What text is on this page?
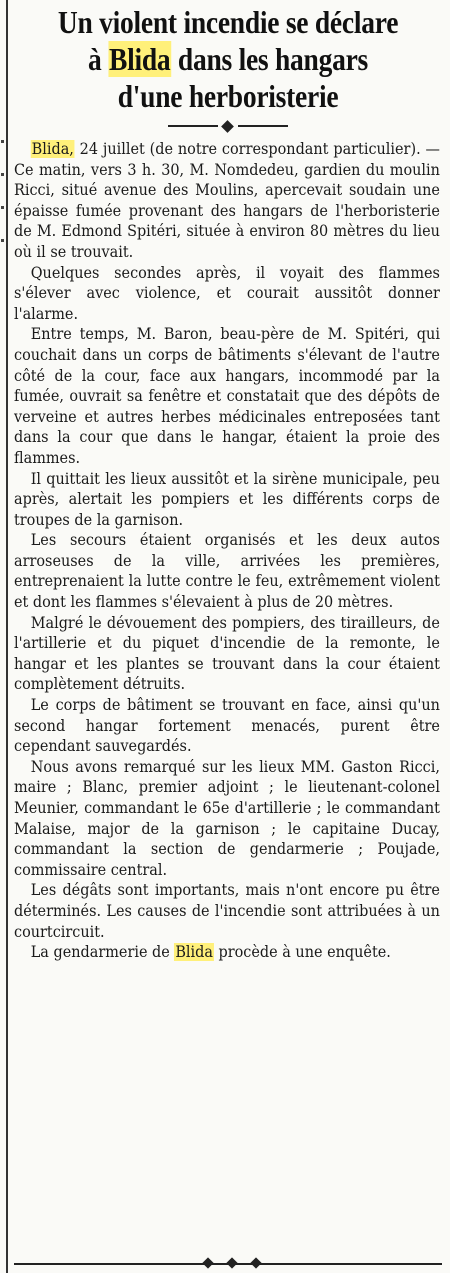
Un violent incendie se déclare
à Blida dans les hangars
d'une herboristerie

Blida, 24 juillet (de notre correspondant particulier). — Ce matin, vers 3 h. 30, M. Nomdedeu, gardien du moulin Ricci, situé avenue des Moulins, apercevait soudain une épaisse fumée provenant des hangars de l'herboristerie de M. Edmond Spitéri, située à environ 80 mètres du lieu où il se trouvait.

Quelques secondes après, il voyait des flammes s'élever avec violence, et courait aussitôt donner l'alarme.

Entre temps, M. Baron, beau-père de M. Spitéri, qui couchait dans un corps de bâtiments s'élevant de l'autre côté de la cour, face aux hangars, incommodé par la fumée, ouvrait sa fenêtre et constatait que des dépôts de verveine et autres herbes médicinales entreposées tant dans la cour que dans le hangar, étaient la proie des flammes.

Il quittait les lieux aussitôt et la sirène municipale, peu après, alertait les pompiers et les différents corps de troupes de la garnison.

Les secours étaient organisés et les deux autos arroseuses de la ville, arrivées les premières, entreprenaient la lutte contre le feu, extrêmement violent et dont les flammes s'élevaient à plus de 20 mètres.

Malgré le dévouement des pompiers, des tirailleurs, de l'artillerie et du piquet d'incendie de la remonte, le hangar et les plantes se trouvant dans la cour étaient complètement détruits.

Le corps de bâtiment se trouvant en face, ainsi qu'un second hangar fortement menacés, purent être cependant sauvegardés.

Nous avons remarqué sur les lieux MM. Gaston Ricci, maire ; Blanc, premier adjoint ; le lieutenant-colonel Meunier, commandant le 65e d'artillerie ; le commandant Malaise, major de la garnison ; le capitaine Ducay, commandant la section de gendarmerie ; Poujade, commissaire central.

Les dégâts sont importants, mais n'ont encore pu être déterminés. Les causes de l'incendie sont attribuées à un courtcircuit.

La gendarmerie de Blida procède à une enquête.
